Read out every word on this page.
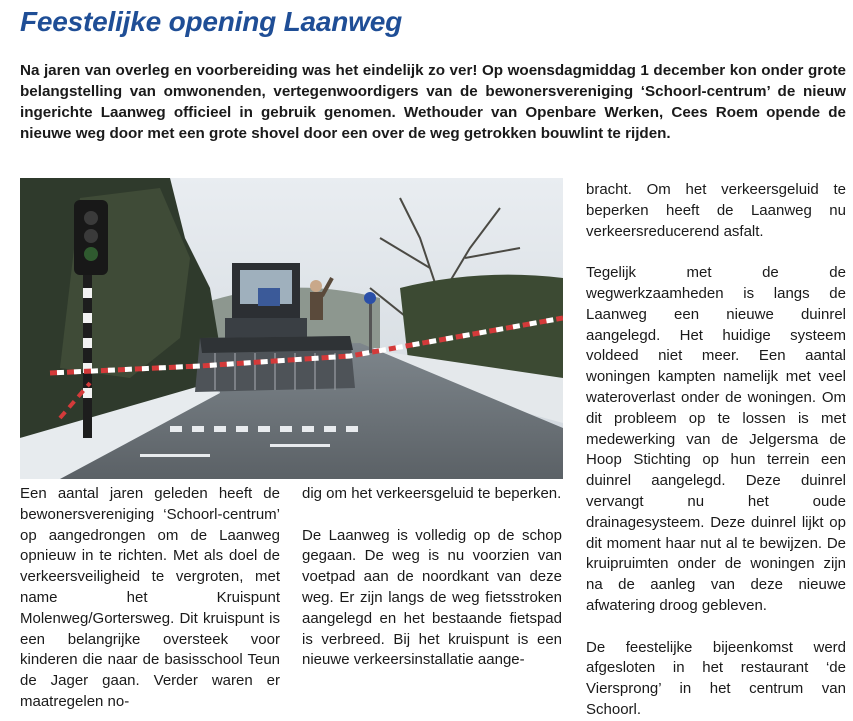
Feestelijke opening Laanweg

Na jaren van overleg en voorbereiding was het eindelijk zo ver! Op woensdagmiddag 1 december kon onder grote belangstelling van omwonenden, vertegenwoordigers van de bewonersvereniging ‘Schoorl-centrum’ de nieuw ingerichte Laanweg officieel in gebruik genomen. Wethouder van Openbare Werken, Cees Roem opende de nieuwe weg door met een grote shovel door een over de weg getrokken bouwlint te rijden.

Een aantal jaren geleden heeft de bewonersvereniging ‘Schoorl-centrum’ op aangedrongen om de Laanweg opnieuw in te richten. Met als doel de verkeersveiligheid te vergroten, met name het Kruispunt Molenweg/Gortersweg. Dit kruispunt is een belangrijke oversteek voor kinderen die naar de basisschool Teun de Jager gaan. Verder waren er maatregelen no-

dig om het verkeersgeluid te beperken.

De Laanweg is volledig op de schop gegaan. De weg is nu voorzien van voetpad aan de noordkant van deze weg. Er zijn langs de weg fietsstroken aangelegd en het bestaande fietspad is verbreed. Bij het kruispunt is een nieuwe verkeersinstallatie aange-

bracht. Om het verkeersgeluid te beperken heeft de Laanweg nu verkeersreducerend asfalt.

Tegelijk met de de wegwerkzaamheden is langs de Laanweg een nieuwe duinrel aangelegd. Het huidige systeem voldeed niet meer. Een aantal woningen kampten namelijk met veel wateroverlast onder de woningen. Om dit probleem op te lossen is met medewerking van de Jelgersma de Hoop Stichting op hun terrein een duinrel aangelegd. Deze duinrel vervangt nu het oude drainagesysteem. Deze duinrel lijkt op dit moment haar nut al te bewijzen. De kruipruimten onder de woningen zijn na de aanleg van deze nieuwe afwatering droog gebleven.

De feestelijke bijeenkomst werd afgesloten in het restaurant ‘de Viersprong’ in het centrum van Schoorl.
